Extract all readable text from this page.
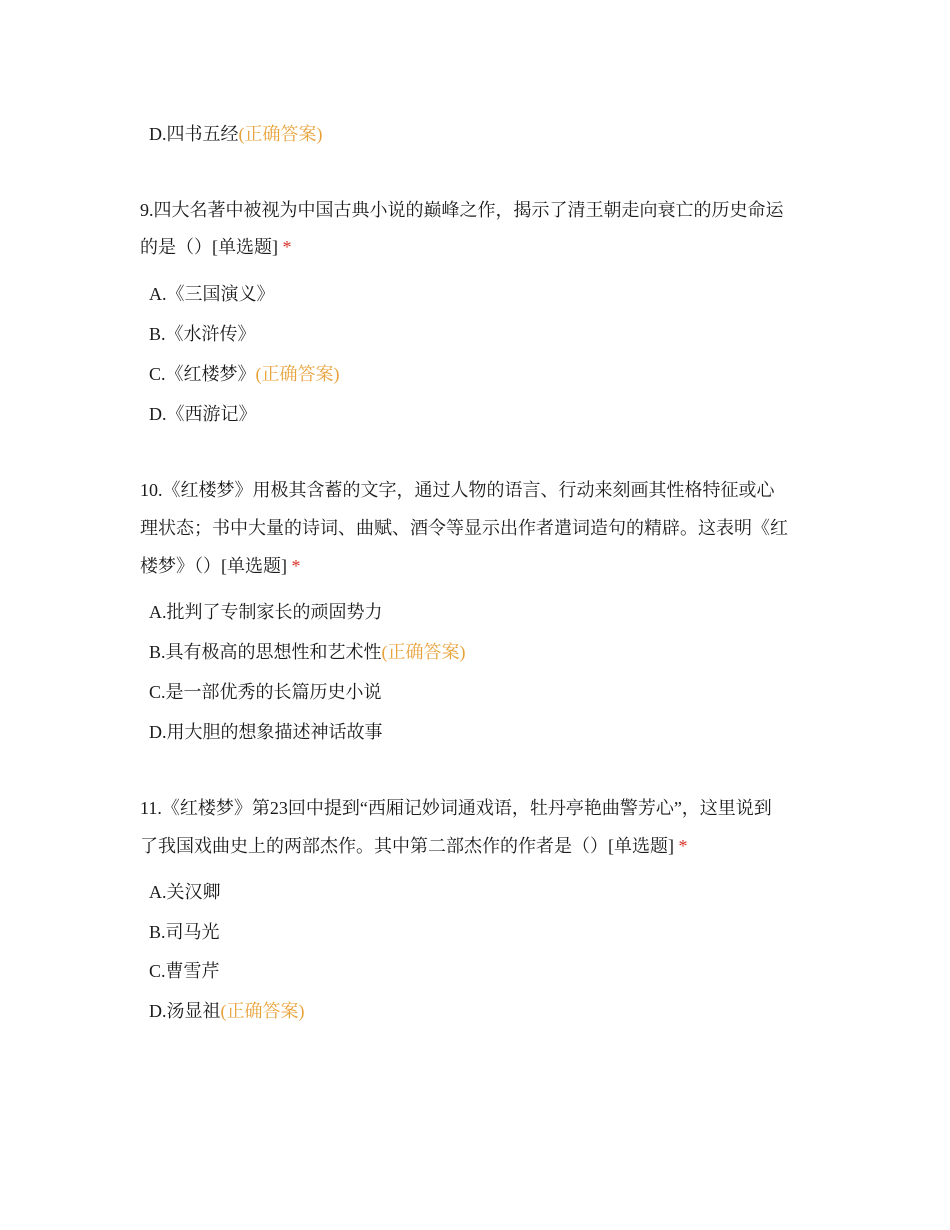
D.四书五经(正确答案)
9.四大名著中被视为中国古典小说的巅峰之作，揭示了清王朝走向衰亡的历史命运
的是（）[单选题] *
A.《三国演义》
B.《水浒传》
C.《红楼梦》(正确答案)
D.《西游记》
10.《红楼梦》用极其含蓄的文字，通过人物的语言、行动来刻画其性格特征或心
理状态；书中大量的诗词、曲赋、酒令等显示出作者遣词造句的精辟。这表明《红
楼梦》（）[单选题] *
A.批判了专制家长的顽固势力
B.具有极高的思想性和艺术性(正确答案)
C.是一部优秀的长篇历史小说
D.用大胆的想象描述神话故事
11.《红楼梦》第23回中提到“西厢记妙词通戏语，牡丹亭艳曲警芳心”，这里说到
了我国戏曲史上的两部杰作。其中第二部杰作的作者是（）[单选题] *
A.关汉卿
B.司马光
C.曹雪芹
D.汤显祖(正确答案)
